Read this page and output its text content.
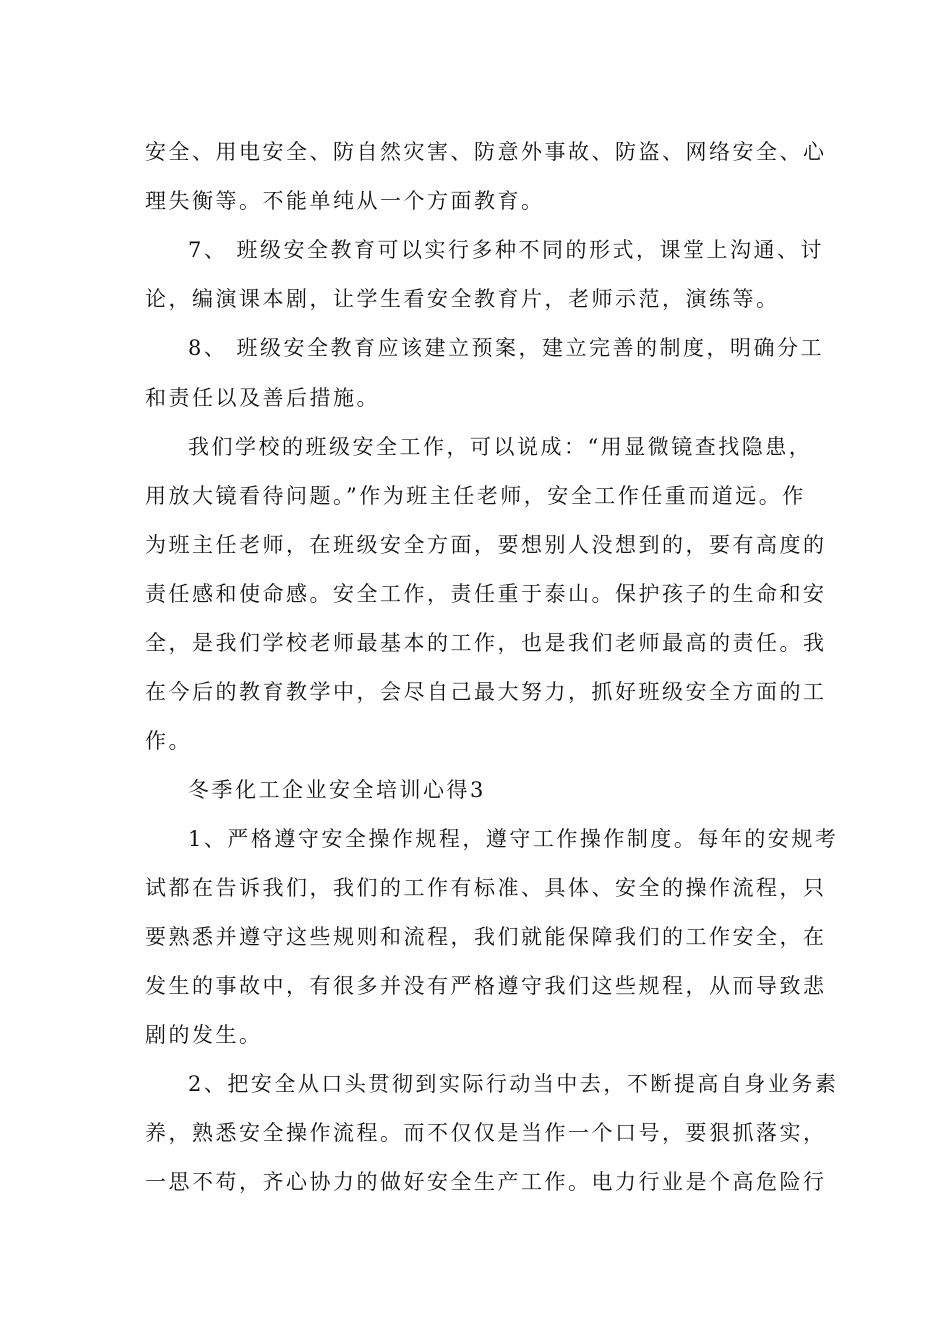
安全、用电安全、防自然灾害、防意外事故、防盗、网络安全、心
理失衡等。不能单纯从一个方面教育。
7、 班级安全教育可以实行多种不同的形式，课堂上沟通、讨
论，编演课本剧，让学生看安全教育片，老师示范，演练等。
8、 班级安全教育应该建立预案，建立完善的制度，明确分工
和责任以及善后措施。
我们学校的班级安全工作，可以说成：“用显微镜查找隐患，
用放大镜看待问题。”作为班主任老师，安全工作任重而道远。作
为班主任老师，在班级安全方面，要想别人没想到的，要有高度的
责任感和使命感。安全工作，责任重于泰山。保护孩子的生命和安
全，是我们学校老师最基本的工作，也是我们老师最高的责任。我
在今后的教育教学中，会尽自己最大努力，抓好班级安全方面的工
作。
冬季化工企业安全培训心得3
1、严格遵守安全操作规程，遵守工作操作制度。每年的安规考
试都在告诉我们，我们的工作有标准、具体、安全的操作流程，只
要熟悉并遵守这些规则和流程，我们就能保障我们的工作安全，在
发生的事故中，有很多并没有严格遵守我们这些规程，从而导致悲
剧的发生。
2、把安全从口头贯彻到实际行动当中去，不断提高自身业务素
养，熟悉安全操作流程。而不仅仅是当作一个口号，要狠抓落实，
一思不苟，齐心协力的做好安全生产工作。电力行业是个高危险行
